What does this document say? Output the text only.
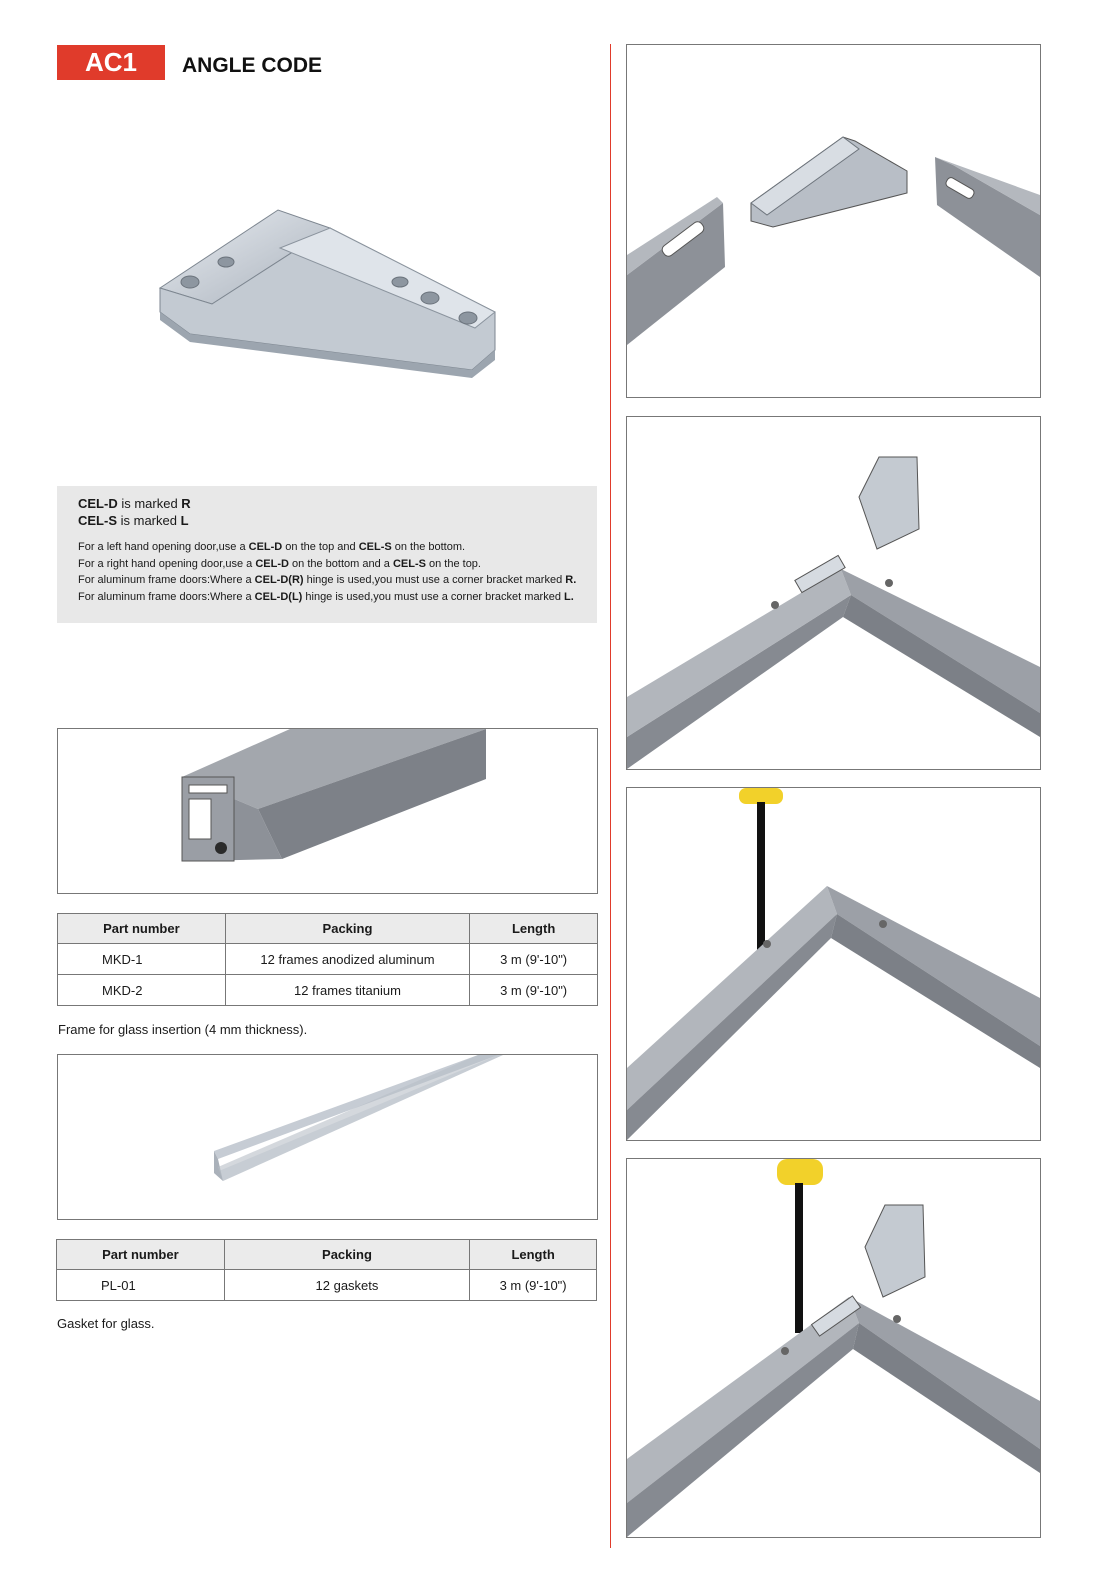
AC1	ANGLE CODE
CEL-D is marked R
CEL-S is marked L
For a left hand opening door,use a CEL-D on the top and CEL-S on the bottom.
For a right hand opening door,use a CEL-D on the bottom and a CEL-S on the top.
For aluminum frame doors:Where a CEL-D(R) hinge is used,you must use a corner bracket marked R.
For aluminum frame doors:Where a CEL-D(L) hinge is used,you must use a corner bracket marked L.
Part number	Packing	Length
MKD-1	12 frames anodized aluminum	3 m (9'-10")
MKD-2	12 frames titanium	3 m (9'-10")
Frame for glass insertion (4 mm thickness).
Part number	Packing	Length
PL-01	12 gaskets	3 m (9'-10")
Gasket for glass.
